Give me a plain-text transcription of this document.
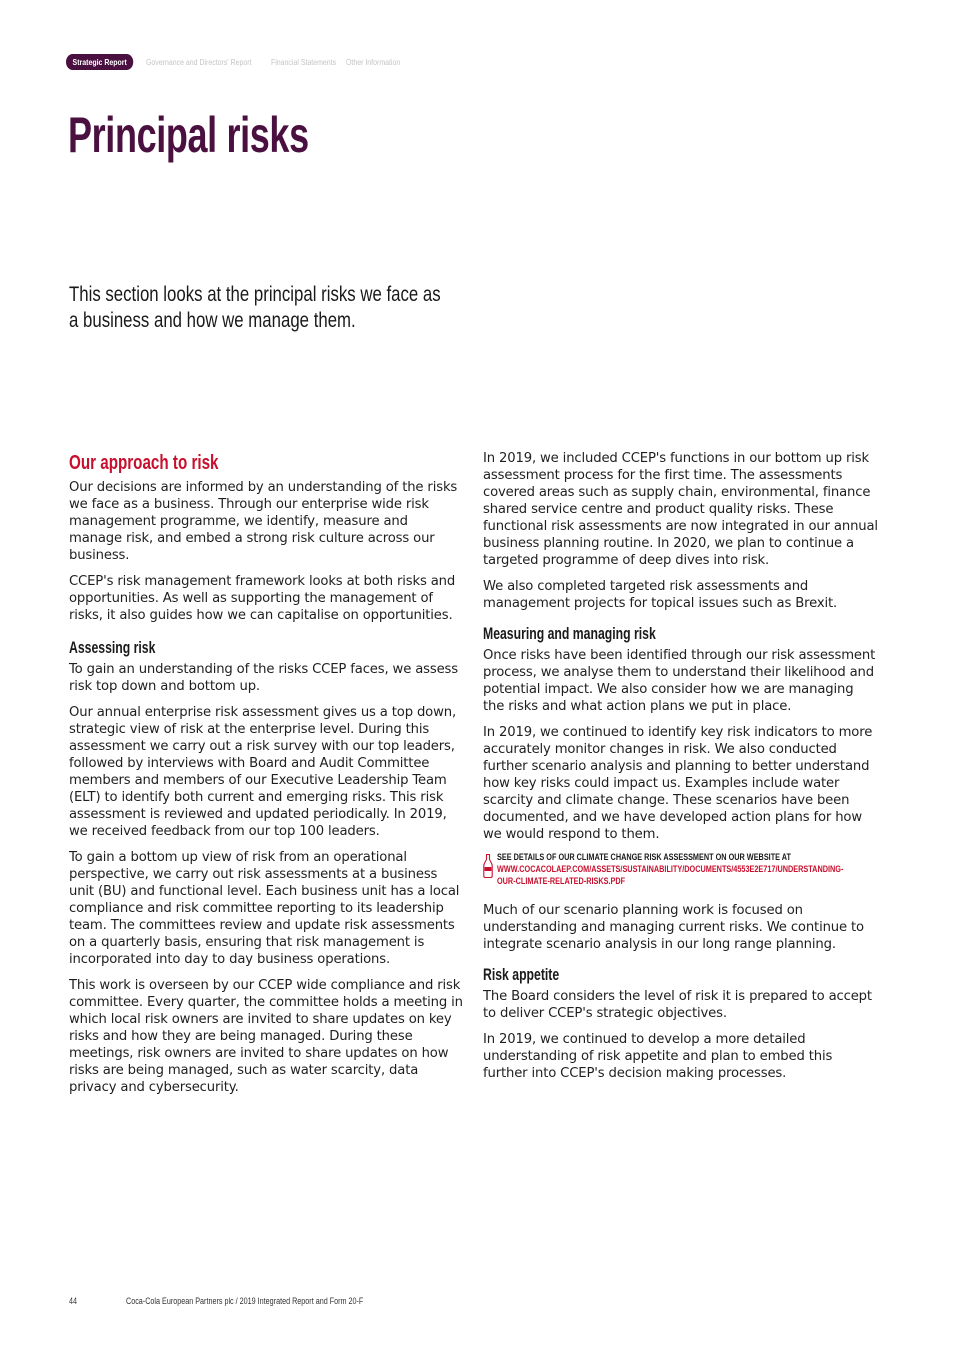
Strategic Report	Governance and Directors' Report Financial Statements Other Information
Principal risks

This section looks at the principal risks we face as a business and how we manage them.

Our approach to risk

Our decisions are informed by an understanding of the risks we face as a business. Through our enterprise wide risk management programme, we identify, measure and manage risk, and embed a strong risk culture across our business.

CCEP's risk management framework looks at both risks and opportunities. As well as supporting the management of risks, it also guides how we can capitalise on opportunities.

Assessing risk

To gain an understanding of the risks CCEP faces, we assess risk top down and bottom up.

Our annual enterprise risk assessment gives us a top down, strategic view of risk at the enterprise level. During this assessment we carry out a risk survey with our top leaders, followed by interviews with Board and Audit Committee members and members of our Executive Leadership Team (ELT) to identify both current and emerging risks. This risk assessment is reviewed and updated periodically. In 2019, we received feedback from our top 100 leaders.

To gain a bottom up view of risk from an operational perspective, we carry out risk assessments at a business unit (BU) and functional level. Each business unit has a local compliance and risk committee reporting to its leadership team. The committees review and update risk assessments on a quarterly basis, ensuring that risk management is incorporated into day to day business operations.

This work is overseen by our CCEP wide compliance and risk committee. Every quarter, the committee holds a meeting in which local risk owners are invited to share updates on key risks and how they are being managed. During these meetings, risk owners are invited to share updates on how risks are being managed, such as water scarcity, data privacy and cybersecurity.

In 2019, we included CCEP's functions in our bottom up risk assessment process for the first time. The assessments covered areas such as supply chain, environmental, finance shared service centre and product quality risks. These functional risk assessments are now integrated in our annual business planning routine. In 2020, we plan to continue a targeted programme of deep dives into risk.

We also completed targeted risk assessments and management projects for topical issues such as Brexit.

Measuring and managing risk

Once risks have been identified through our risk assessment process, we analyse them to understand their likelihood and potential impact. We also consider how we are managing the risks and what action plans we put in place.

In 2019, we continued to identify key risk indicators to more accurately monitor changes in risk. We also conducted further scenario analysis and planning to better understand how key risks could impact us. Examples include water scarcity and climate change. These scenarios have been documented, and we have developed action plans for how we would respond to them.

SEE DETAILS OF OUR CLIMATE CHANGE RISK ASSESSMENT ON OUR WEBSITE AT WWW.COCACOLAEP.COM/ASSETS/SUSTAINABILITY/DOCUMENTS/4553E2E717/UNDERSTANDING-OUR-CLIMATE-RELATED-RISKS.PDF

Much of our scenario planning work is focused on understanding and managing current risks. We continue to integrate scenario analysis in our long range planning.

Risk appetite

The Board considers the level of risk it is prepared to accept to deliver CCEP's strategic objectives.

In 2019, we continued to develop a more detailed understanding of risk appetite and plan to embed this further into CCEP's decision making processes.

44	Coca-Cola European Partners plc / 2019 Integrated Report and Form 20-F
